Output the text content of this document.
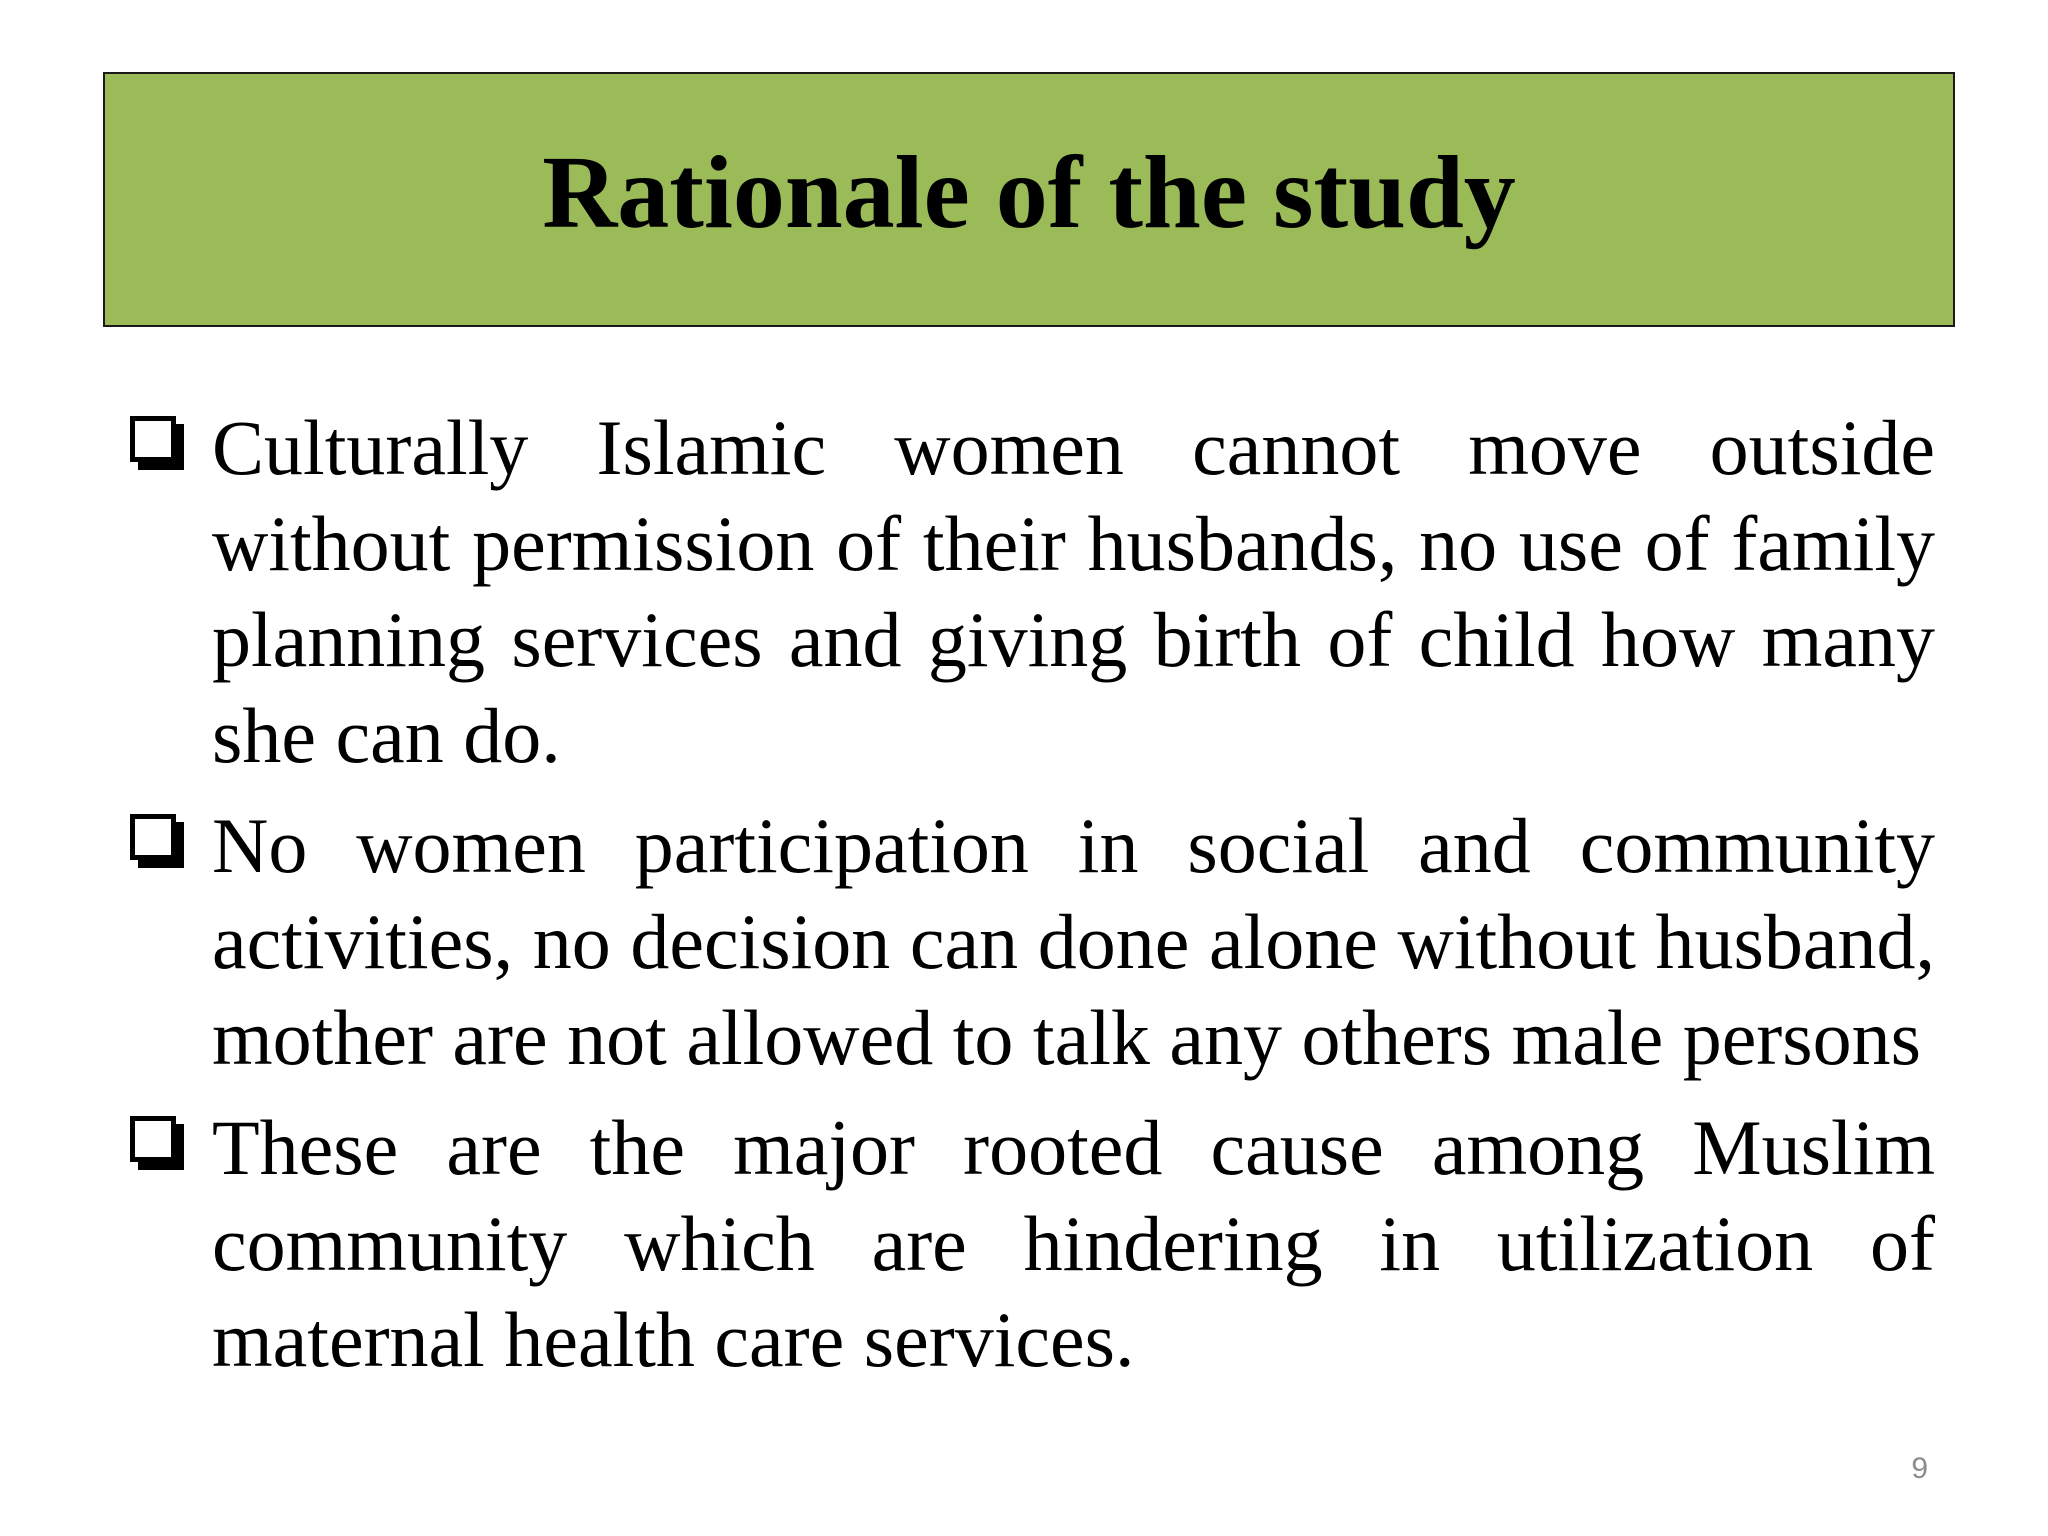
Rationale of the study
Culturally Islamic women cannot move outside without permission of their husbands, no use of family planning services and giving birth of child how many she can do.
No women participation in social and community activities, no decision can done alone without husband, mother are not allowed to talk any others male persons
These are the major rooted cause among Muslim community which are hindering in utilization of maternal health care services.
9
